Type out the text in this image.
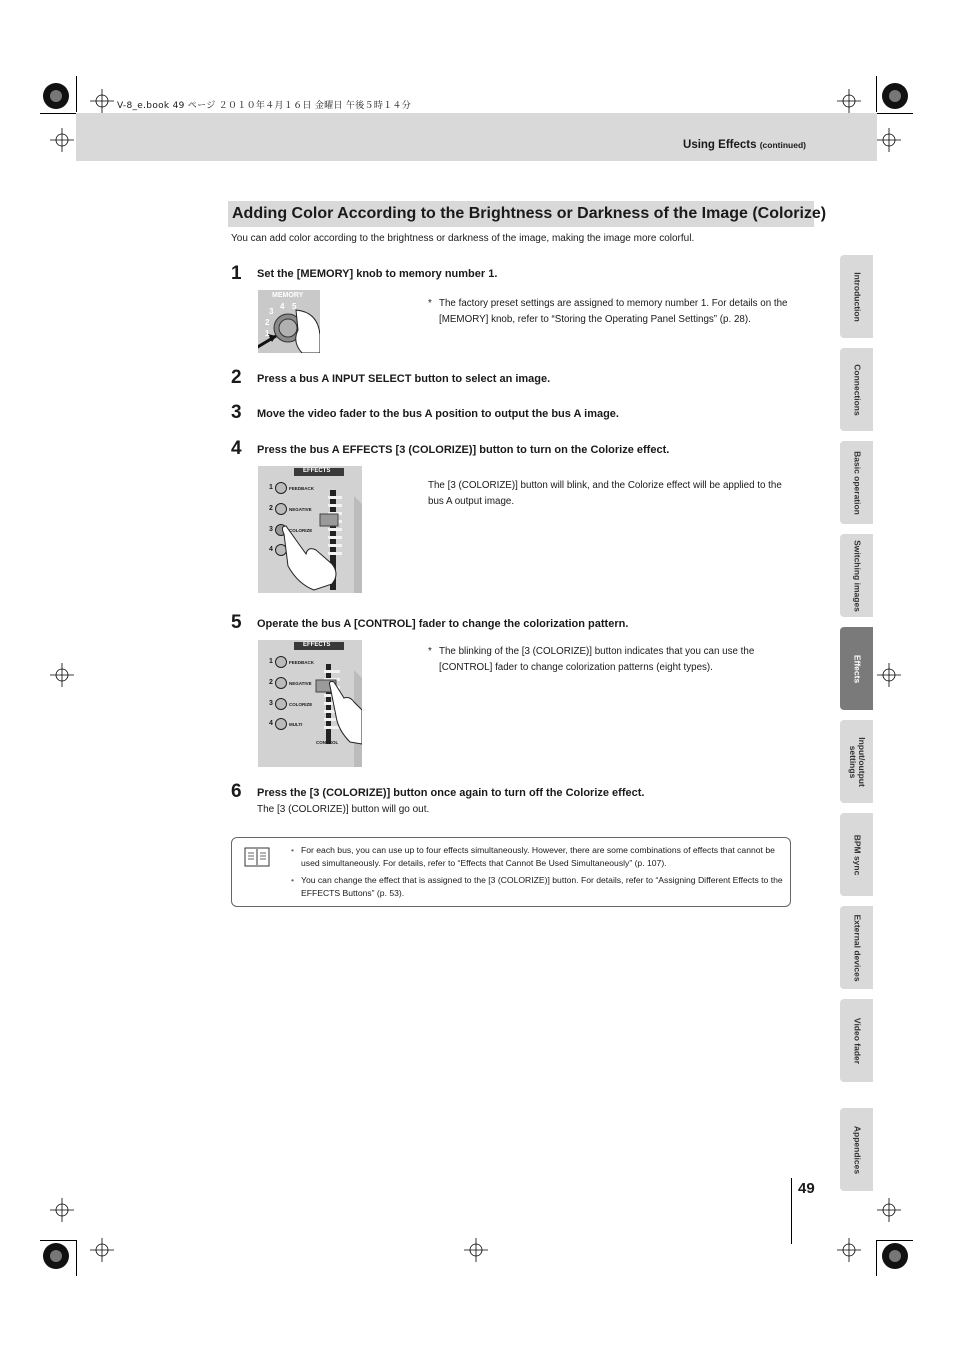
V-8_e.book 49 ページ ２０１０年４月１６日 金曜日 午後５時１４分
Using Effects (continued)
Adding Color According to the Brightness or Darkness of the Image (Colorize)
You can add color according to the brightness or darkness of the image, making the image more colorful.
1 Set the [MEMORY] knob to memory number 1.
MEMORY
1
2
3
4 5
*	The factory preset settings are assigned to memory number 1. For details on the [MEMORY] knob, refer to “Storing the Operating Panel Settings” (p. 28).
2 Press a bus A INPUT SELECT button to select an image.
3 Move the video fader to the bus A position to output the bus A image.
4 Press the bus A EFFECTS [3 (COLORIZE)] button to turn on the Colorize effect.
EFFECTS
1	FEEDBACK
2	NEGATIVE
3	COLORIZE
4
The [3 (COLORIZE)] button will blink, and the Colorize effect will be applied to the bus A output image.
5 Operate the bus A [CONTROL] fader to change the colorization pattern.
EFFECTS
1	FEEDBACK
2	NEGATIVE
3	COLORIZE
4	MULTI
CONTROL
* The blinking of the [3 (COLORIZE)] button indicates that you can use the [CONTROL] fader to change colorization patterns (eight types).
6 Press the [3 (COLORIZE)] button once again to turn off the Colorize effect.
The [3 (COLORIZE)] button will go out.
• For each bus, you can use up to four effects simultaneously. However, there are some combinations of effects that cannot be used simultaneously. For details, refer to “Effects that Cannot Be Used Simultaneously” (p. 107).
• You can change the effect that is assigned to the [3 (COLORIZE)] button. For details, refer to “Assigning Different Effects to the EFFECTS Buttons” (p. 53).
Introduction
Connections
Basic operation
Switching images
Effects
Input/output settings
BPM sync
External devices
Video fader
Appendices
49
